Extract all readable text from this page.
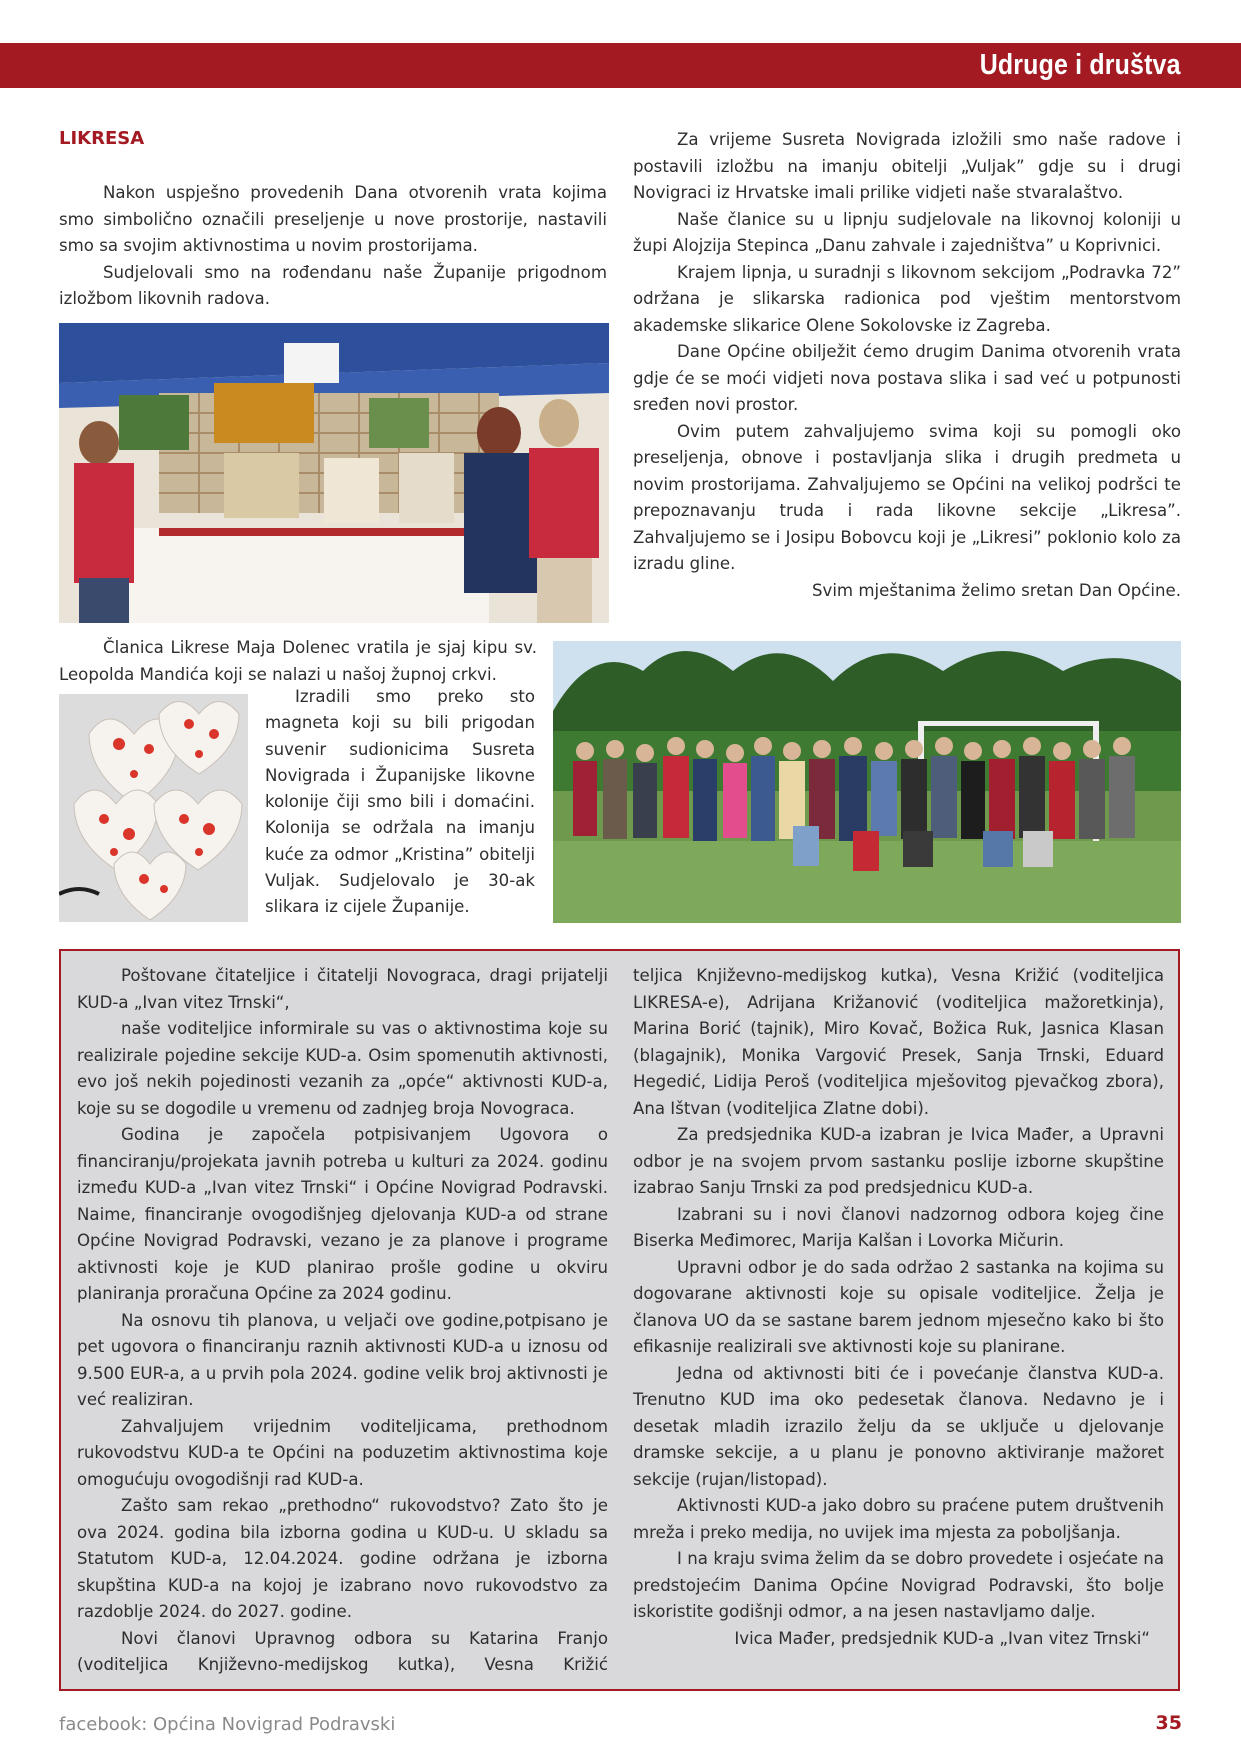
Udruge i društva
LIKRESA

Nakon uspješno provedenih Dana otvorenih vrata kojima smo simbolično označili preseljenje u nove prostorije, nastavili smo sa svojim aktivnostima u novim prostorijama.

Sudjelovali smo na rođendanu naše Županije prigodnom izložbom likovnih radova.

Članica Likrese Maja Dolenec vratila je sjaj kipu sv. Leopolda Mandića koji se nalazi u našoj župnoj crkvi.

Izradili smo preko sto magneta koji su bili prigodan suvenir sudionicima Susreta Novigrada i Županijske likovne kolonije čiji smo bili i domaćini. Kolonija se održala na imanju kuće za odmor „Kristina” obitelji Vuljak. Sudjelovalo je 30-ak slikara iz cijele Županije.

Za vrijeme Susreta Novigrada izložili smo naše radove i postavili izložbu na imanju obitelji „Vuljak” gdje su i drugi Novigraci iz Hrvatske imali prilike vidjeti naše stvaralaštvo.

Naše članice su u lipnju sudjelovale na likovnoj koloniji u župi Alojzija Stepinca „Danu zahvale i zajedništva” u Koprivnici.

Krajem lipnja, u suradnji s likovnom sekcijom „Podravka 72” održana je slikarska radionica pod vještim mentorstvom akademske slikarice Olene Sokolovske iz Zagreba.

Dane Općine obilježit ćemo drugim Danima otvorenih vrata gdje će se moći vidjeti nova postava slika i sad već u potpunosti sređen novi prostor.

Ovim putem zahvaljujemo svima koji su pomogli oko preseljenja, obnove i postavljanja slika i drugih predmeta u novim prostorijama. Zahvaljujemo se Općini na velikoj podršci te prepoznavanju truda i rada likovne sekcije „Likresa”. Zahvaljujemo se i Josipu Bobovcu koji je „Likresi” poklonio kolo za izradu gline.

Svim mještanima želimo sretan Dan Općine.

Poštovane čitateljice i čitatelji Novograca, dragi prijatelji KUD-a „Ivan vitez Trnski“,

naše voditeljice informirale su vas o aktivnostima koje su realizirale pojedine sekcije KUD-a. Osim spomenutih aktivnosti, evo još nekih pojedinosti vezanih za „opće“ aktivnosti KUD-a, koje su se dogodile u vremenu od zadnjeg broja Novograca.

Godina je započela potpisivanjem Ugovora o financiranju/projekata javnih potreba u kulturi za 2024. godinu između KUD-a „Ivan vitez Trnski“ i Općine Novigrad Podravski. Naime, financiranje ovogodišnjeg djelovanja KUD-a od strane Općine Novigrad Podravski, vezano je za planove i programe aktivnosti koje je KUD planirao prošle godine u okviru planiranja proračuna Općine za 2024 godinu.

Na osnovu tih planova, u veljači ove godine,potpisano je pet ugovora o financiranju raznih aktivnosti KUD-a u iznosu od 9.500 EUR-a, a u prvih pola 2024. godine velik broj aktivnosti je već realiziran.

Zahvaljujem vrijednim voditeljicama, prethodnom rukovodstvu KUD-a te Općini na poduzetim aktivnostima koje omogućuju ovogodišnji rad KUD-a.

Zašto sam rekao „prethodno“ rukovodstvo? Zato što je ova 2024. godina bila izborna godina u KUD-u. U skladu sa Statutom KUD-a, 12.04.2024. godine održana je izborna skupština KUD-a na kojoj je izabrano novo rukovodstvo za razdoblje 2024. do 2027. godine.

Novi članovi Upravnog odbora su Katarina Franjo (voditeljica Književno-medijskog kutka), Vesna Križić

teljica Književno-medijskog kutka), Vesna Križić (voditeljica LIKRESA-e), Adrijana Križanović (voditeljica mažoretkinja), Marina Borić (tajnik), Miro Kovač, Božica Ruk, Jasnica Klasan (blagajnik), Monika Vargović Presek, Sanja Trnski, Eduard Hegedić, Lidija Peroš (voditeljica mješovitog pjevačkog zbora), Ana Ištvan (voditeljica Zlatne dobi).

Za predsjednika KUD-a izabran je Ivica Mađer, a Upravni odbor je na svojem prvom sastanku poslije izborne skupštine izabrao Sanju Trnski za pod predsjednicu KUD-a.

Izabrani su i novi članovi nadzornog odbora kojeg čine Biserka Međimorec, Marija Kalšan i Lovorka Mičurin.

Upravni odbor je do sada održao 2 sastanka na kojima su dogovarane aktivnosti koje su opisale voditeljice. Želja je članova UO da se sastane barem jednom mjesečno kako bi što efikasnije realizirali sve aktivnosti koje su planirane.

Jedna od aktivnosti biti će i povećanje članstva KUD-a. Trenutno KUD ima oko pedesetak članova. Nedavno je i desetak mladih izrazilo želju da se uključe u djelovanje dramske sekcije, a u planu je ponovno aktiviranje mažoret sekcije (rujan/listopad).

Aktivnosti KUD-a jako dobro su praćene putem društvenih mreža i preko medija, no uvijek ima mjesta za poboljšanja.

I na kraju svima želim da se dobro provedete i osjećate na predstojećim Danima Općine Novigrad Podravski, što bolje iskoristite godišnji odmor, a na jesen nastavljamo dalje.

Ivica Mađer, predsjednik KUD-a „Ivan vitez Trnski“

facebook: Općina Novigrad Podravski	35
